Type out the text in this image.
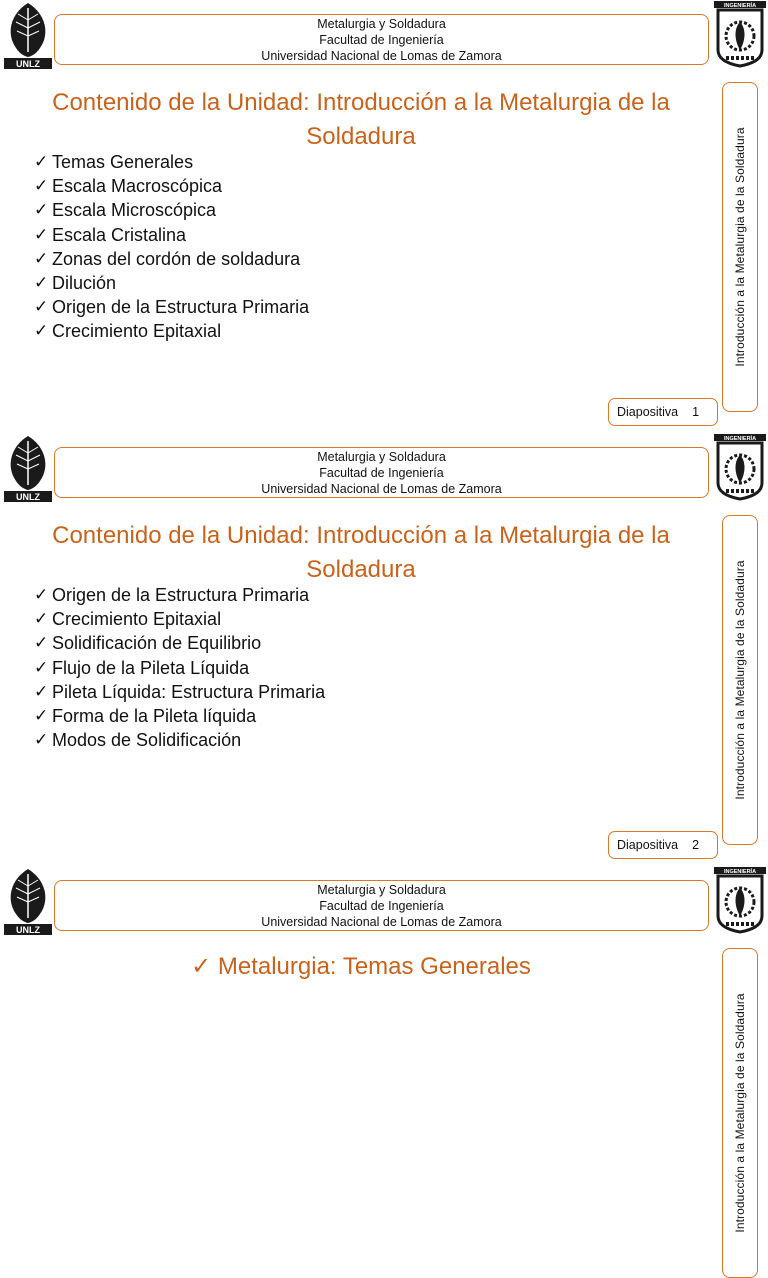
UNLZ
Metalurgia y Soldadura
Facultad de Ingeniería
Universidad Nacional de Lomas de Zamora
INGENIERÍA
Contenido de la Unidad: Introducción a la Metalurgia de la Soldadura
✓ Temas Generales
✓ Escala Macroscópica
✓ Escala Microscópica
✓ Escala Cristalina
✓ Zonas del cordón de soldadura
✓ Dilución
✓ Origen de la Estructura Primaria
✓ Crecimiento Epitaxial	Introducción a la Metalurgia de la Soldadura
Diapositiva 1
UNLZ
Metalurgia y Soldadura
Facultad de Ingeniería
Universidad Nacional de Lomas de Zamora
INGENIERÍA
Contenido de la Unidad: Introducción a la Metalurgia de la Soldadura
✓ Origen de la Estructura Primaria
✓ Crecimiento Epitaxial
✓ Solidificación de Equilibrio
✓ Flujo de la Pileta Líquida
✓ Pileta Líquida: Estructura Primaria
✓ Forma de la Pileta líquida
✓ Modos de Solidificación	Introducción a la Metalurgia de la Soldadura
Diapositiva 2
UNLZ
Metalurgia y Soldadura
Facultad de Ingeniería
Universidad Nacional de Lomas de Zamora
INGENIERÍA
✓ Metalurgia: Temas Generales
Introducción a la Metalurgia de la Soldadura
